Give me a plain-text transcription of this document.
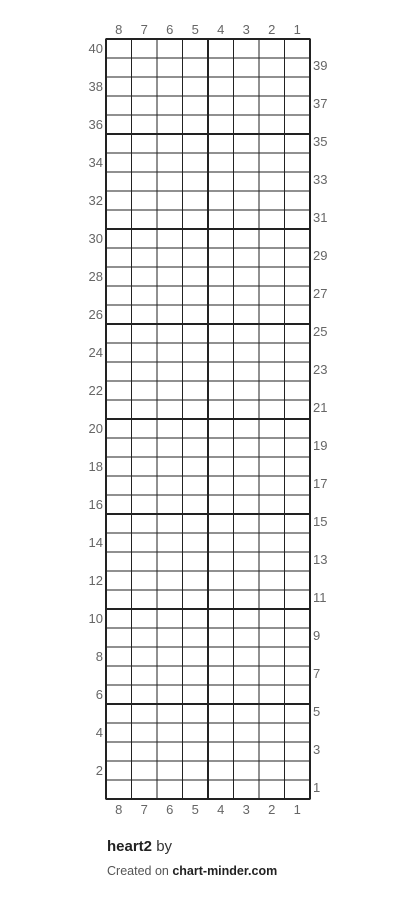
8
8
7
7
6
6
5
5
4
4
3
3
2
2
1
1
40
38
36
34
32
30
28
26
24
22
20
18
16
14
12
10
8
6
4
2
39
37
35
33
31
29
27
25
23
21
19
17
15
13
11
9
7
5
3
1
heart2 by
Created on chart-minder.com
